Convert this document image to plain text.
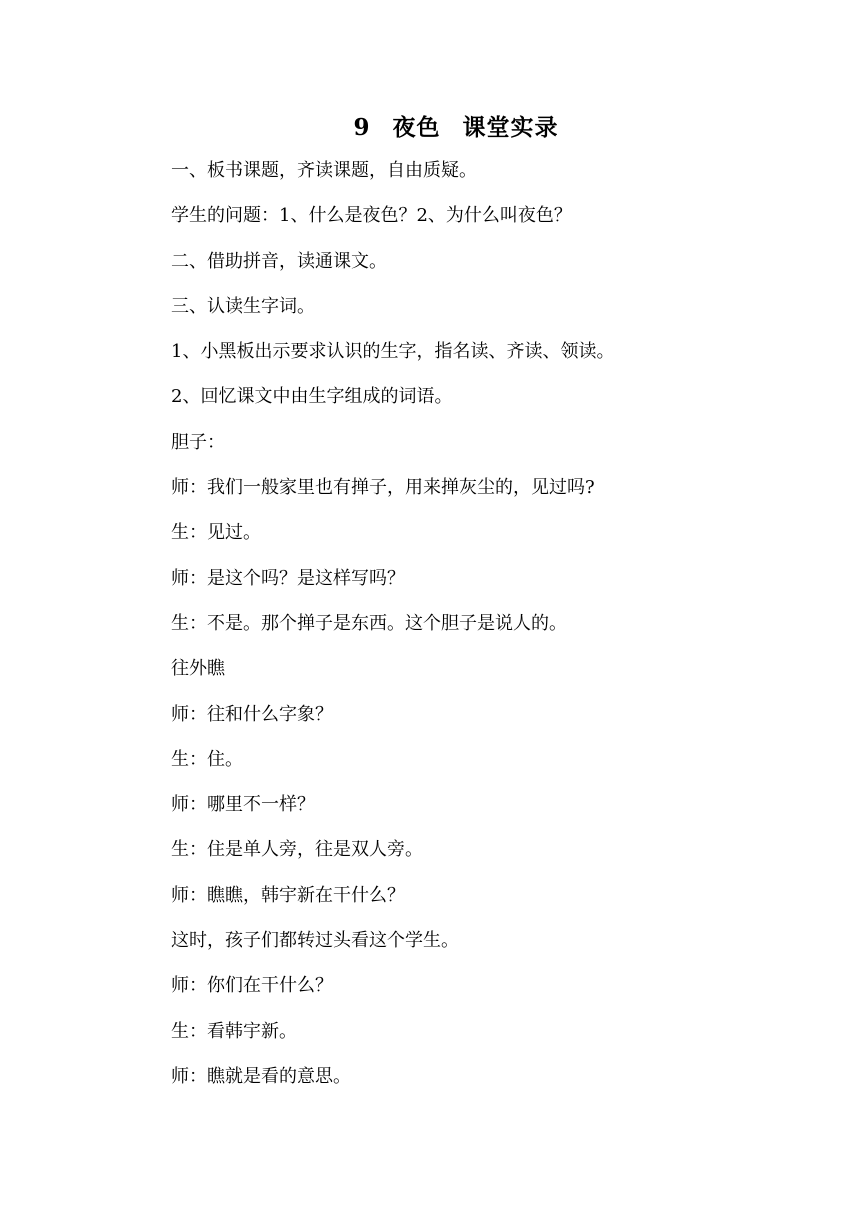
9 夜色 课堂实录
一、板书课题，齐读课题，自由质疑。
学生的问题：1、什么是夜色？2、为什么叫夜色？
二、借助拼音，读通课文。
三、认读生字词。
1、小黑板出示要求认识的生字，指名读、齐读、领读。
2、回忆课文中由生字组成的词语。
胆子：
师：我们一般家里也有掸子，用来掸灰尘的，见过吗?
生：见过。
师：是这个吗？是这样写吗？
生：不是。那个掸子是东西。这个胆子是说人的。
往外瞧
师：往和什么字象？
生：住。
师：哪里不一样？
生：住是单人旁，往是双人旁。
师：瞧瞧，韩宇新在干什么？
这时，孩子们都转过头看这个学生。
师：你们在干什么？
生：看韩宇新。
师：瞧就是看的意思。
